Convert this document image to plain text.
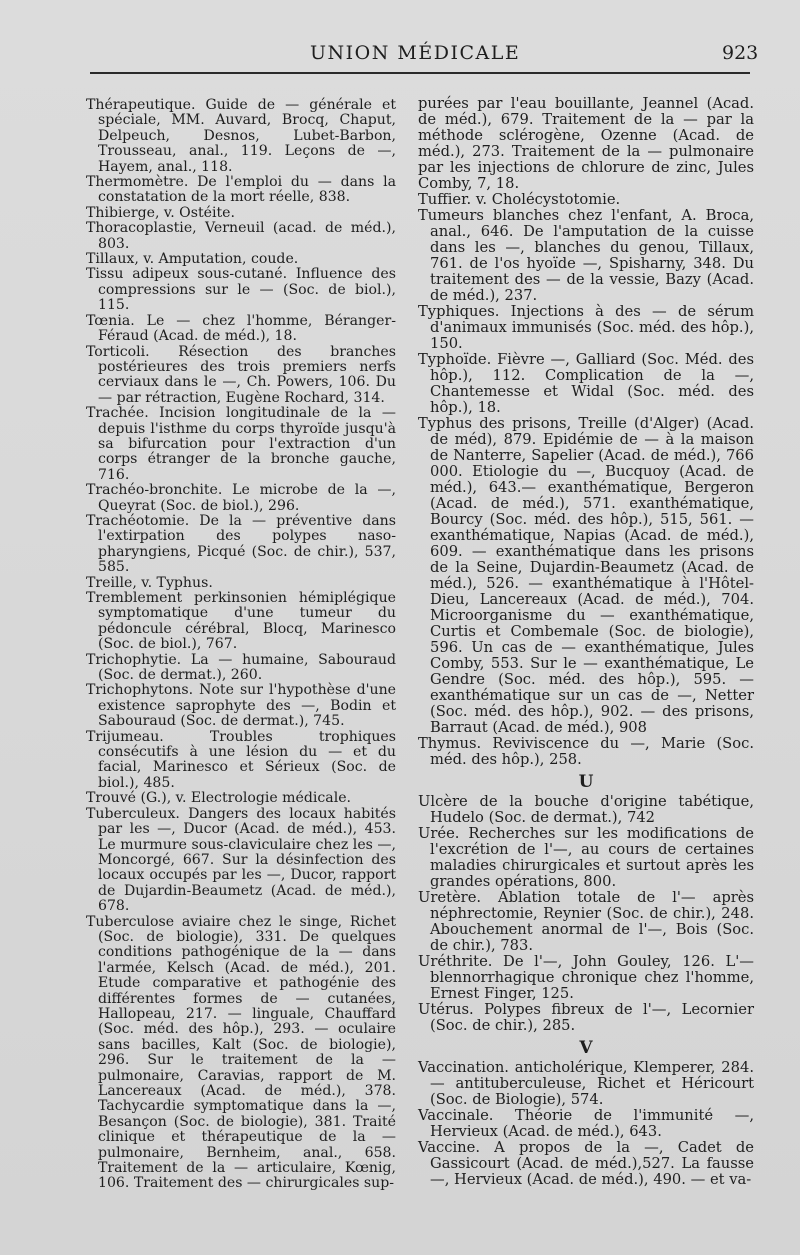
UNION MÉDICALE	923
Thérapeutique. Guide de — générale et spéciale, MM. Auvard, Brocq, Chaput, Delpeuch, Desnos, Lubet-Barbon, Trousseau, anal., 119. Leçons de —, Hayem, anal., 118.
Thermomètre. De l'emploi du — dans la constatation de la mort réelle, 838.
Thibierge, v. Ostéite.
Thoracoplastie, Verneuil (acad. de méd.), 803.
Tillaux, v. Amputation, coude.
Tissu adipeux sous-cutané. Influence des compressions sur le — (Soc. de biol.), 115.
Tœnia. Le — chez l'homme, Béranger-Féraud (Acad. de méd.), 18.
Torticoli. Résection des branches postérieures des trois premiers nerfs cerviaux dans le —, Ch. Powers, 106. Du — par rétraction, Eugène Rochard, 314.
Trachée. Incision longitudinale de la — depuis l'isthme du corps thyroïde jusqu'à sa bifurcation pour l'extraction d'un corps étranger de la bronche gauche, 716.
Trachéo-bronchite. Le microbe de la —, Queyrat (Soc. de biol.), 296.
Trachéotomie. De la — préventive dans l'extirpation des polypes naso-pharyngiens, Picqué (Soc. de chir.), 537, 585.
Treille, v. Typhus.
Tremblement perkinsonien hémiplégique symptomatique d'une tumeur du pédoncule cérébral, Blocq, Marinesco (Soc. de biol.), 767.
Trichophytie. La — humaine, Sabouraud (Soc. de dermat.), 260.
Trichophytons. Note sur l'hypothèse d'une existence saprophyte des —, Bodin et Sabouraud (Soc. de dermat.), 745.
Trijumeau. Troubles trophiques consécutifs à une lésion du — et du facial, Marinesco et Sérieux (Soc. de biol.), 485.
Trouvé (G.), v. Electrologie médicale.
Tuberculeux. Dangers des locaux habités par les —, Ducor (Acad. de méd.), 453. Le murmure sous-claviculaire chez les —, Moncorgé, 667. Sur la désinfection des locaux occupés par les —, Ducor, rapport de Dujardin-Beaumetz (Acad. de méd.), 678.
Tuberculose aviaire chez le singe, Richet (Soc. de biologie), 331. De quelques conditions pathogénique de la — dans l'armée, Kelsch (Acad. de méd.), 201. Etude comparative et pathogénie des différentes formes de — cutanées, Hallopeau, 217. — linguale, Chauffard (Soc. méd. des hôp.), 293. — oculaire sans bacilles, Kalt (Soc. de biologie), 296. Sur le traitement de la — pulmonaire, Caravias, rapport de M. Lancereaux (Acad. de méd.), 378. Tachycardie symptomatique dans la —, Besançon (Soc. de biologie), 381. Traité clinique et thérapeutique de la — pulmonaire, Bernheim, anal., 658. Traitement de la — articulaire, Kœnig, 106. Traitement des — chirurgicales sup-
purées par l'eau bouillante, Jeannel (Acad. de méd.), 679. Traitement de la — par la méthode sclérogène, Ozenne (Acad. de méd.), 273. Traitement de la — pulmonaire par les injections de chlorure de zinc, Jules Comby, 7, 18.
Tuffier. v. Cholécystotomie.
Tumeurs blanches chez l'enfant, A. Broca, anal., 646. De l'amputation de la cuisse dans les —, blanches du genou, Tillaux, 761. de l'os hyoïde —, Spisharny, 348. Du traitement des — de la vessie, Bazy (Acad. de méd.), 237.
Typhiques. Injections à des — de sérum d'animaux immunisés (Soc. méd. des hôp.), 150.
Typhoïde. Fièvre —, Galliard (Soc. Méd. des hôp.), 112. Complication de la —, Chantemesse et Widal (Soc. méd. des hôp.), 18.
Typhus des prisons, Treille (d'Alger) (Acad. de méd), 879. Epidémie de — à la maison de Nanterre, Sapelier (Acad. de méd.), 766 000. Etiologie du —, Bucquoy (Acad. de méd.), 643.— exanthématique, Bergeron (Acad. de méd.), 571. exanthématique, Bourcy (Soc. méd. des hôp.), 515, 561. — exanthématique, Napias (Acad. de méd.), 609. — exanthématique dans les prisons de la Seine, Dujardin-Beaumetz (Acad. de méd.), 526. — exanthématique à l'Hôtel-Dieu, Lancereaux (Acad. de méd.), 704. Microorganisme du — exanthématique, Curtis et Combemale (Soc. de biologie), 596. Un cas de — exanthématique, Jules Comby, 553. Sur le — exanthématique, Le Gendre (Soc. méd. des hôp.), 595. — exanthématique sur un cas de —, Netter (Soc. méd. des hôp.), 902. — des prisons, Barraut (Acad. de méd.), 908
Thymus. Reviviscence du —, Marie (Soc. méd. des hôp.), 258.
U
Ulcère de la bouche d'origine tabétique, Hudelo (Soc. de dermat.), 742
Urée. Recherches sur les modifications de l'excrétion de l'—, au cours de certaines maladies chirurgicales et surtout après les grandes opérations, 800.
Uretère. Ablation totale de l'— après néphrectomie, Reynier (Soc. de chir.), 248. Abouchement anormal de l'—, Bois (Soc. de chir.), 783.
Uréthrite. De l'—, John Gouley, 126. L'— blennorrhagique chronique chez l'homme, Ernest Finger, 125.
Utérus. Polypes fibreux de l'—, Lecornier (Soc. de chir.), 285.
V
Vaccination. anticholérique, Klemperer, 284. — antituberculeuse, Richet et Héricourt (Soc. de Biologie), 574.
Vaccinale. Théorie de l'immunité —, Hervieux (Acad. de méd.), 643.
Vaccine. A propos de la —, Cadet de Gassicourt (Acad. de méd.),527. La fausse —, Hervieux (Acad. de méd.), 490. — et va-
